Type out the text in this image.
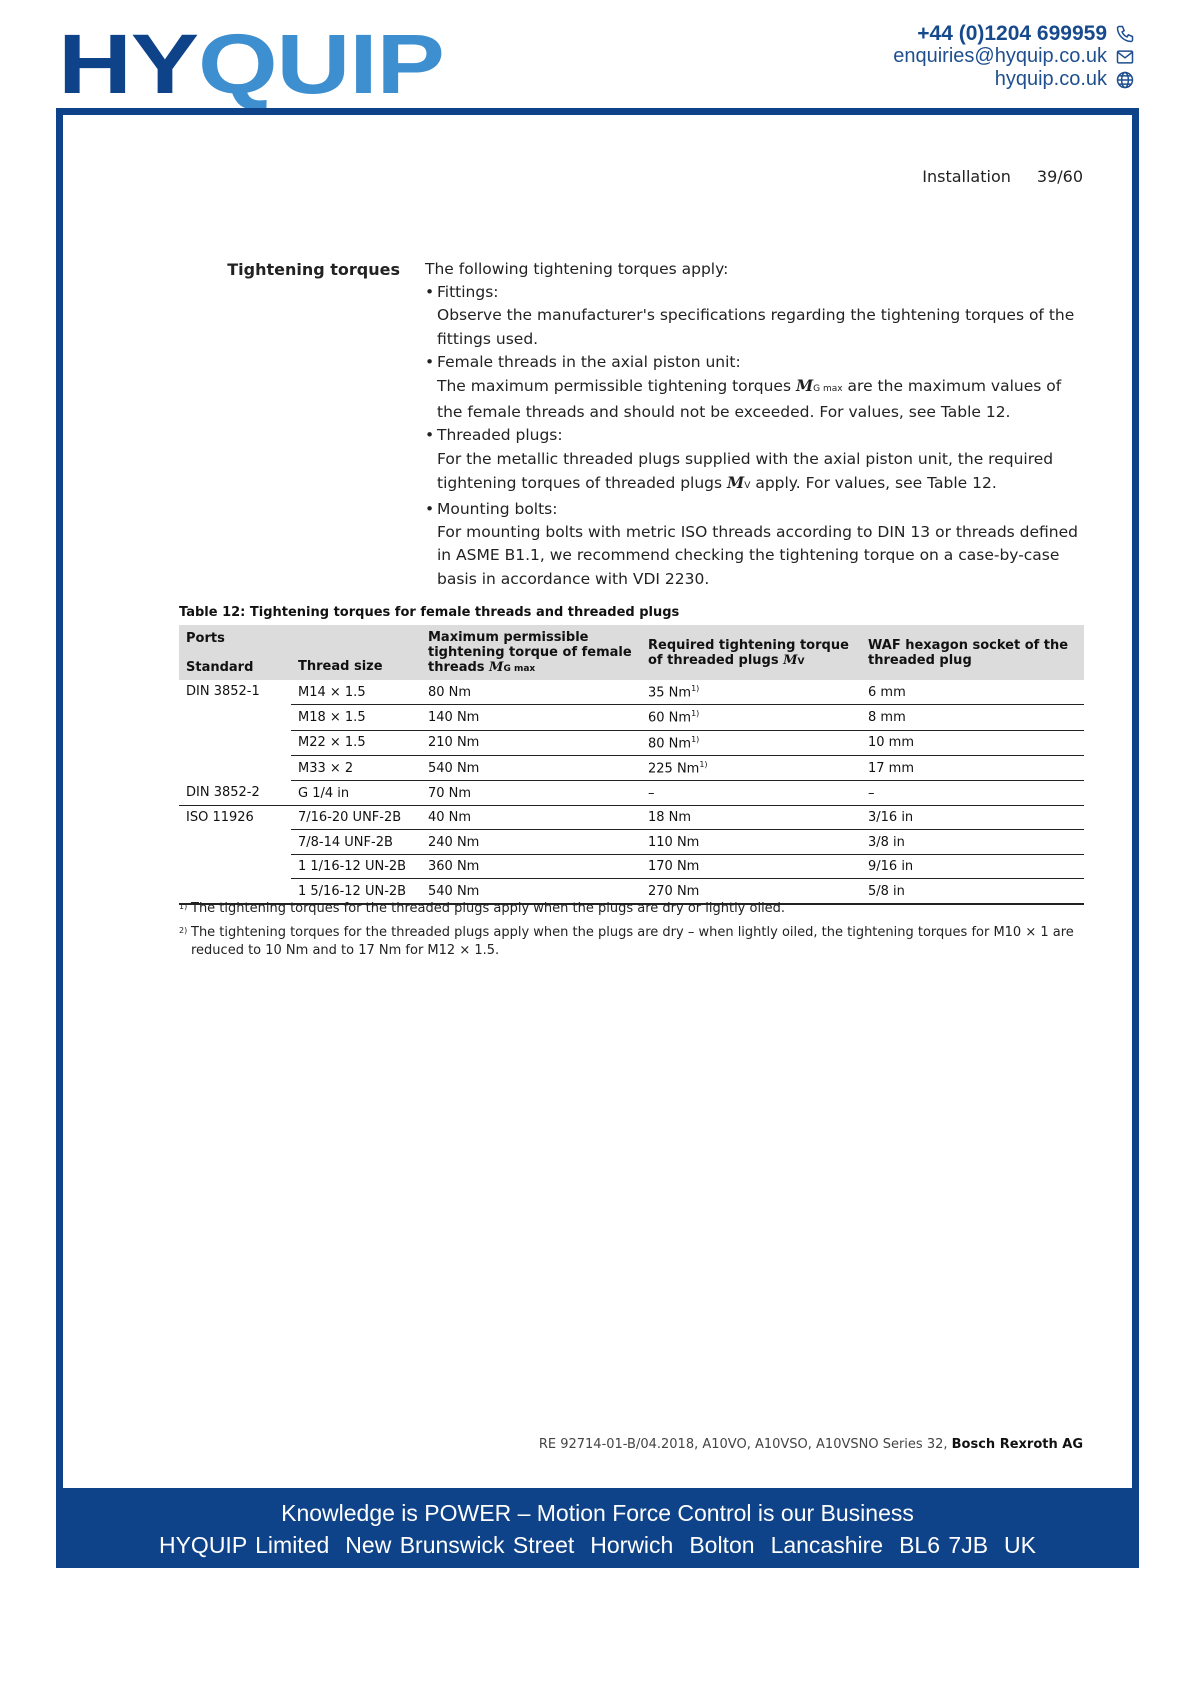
HYQUIP	+44 (0)1204 699959
enquiries@hyquip.co.uk
hyquip.co.uk
Installation 39/60
Tightening torques The following tightening torques apply:

• Fittings:

Observe the manufacturer's specifications regarding the tightening torques of the fittings used.

• Female threads in the axial piston unit:

The maximum permissible tightening torques MG max are the maximum values of the female threads and should not be exceeded. For values, see Table 12.

• Threaded plugs:

For the metallic threaded plugs supplied with the axial piston unit, the required tightening torques of threaded plugs MV apply. For values, see Table 12.

• Mounting bolts:

For mounting bolts with metric ISO threads according to DIN 13 or threads defined in ASME B1.1, we recommend checking the tightening torque on a case-by-case basis in accordance with VDI 2230.

Table 12: Tightening torques for female threads and threaded plugs
Ports
Standard	Thread size	Maximum permissible tightening torque of female threads MG max	Required tightening torque of threaded plugs MV	WAF hexagon socket of the threaded plug
DIN 3852-1	M14 × 1.5	80 Nm	35 Nm$^{1)}$	6 mm
	M18 × 1.5	140 Nm	60 Nm$^{1)}$	8 mm
	M22 × 1.5	210 Nm	80 Nm$^{1)}$	10 mm
	M33 × 2	540 Nm	225 Nm$^{1)}$	17 mm
DIN 3852-2	G 1/4 in	70 Nm	–	–
ISO 11926	7/16-20 UNF-2B	40 Nm	18 Nm	3/16 in
	7/8-14 UNF-2B	240 Nm	110 Nm	3/8 in
	1 1/16-12 UN-2B	360 Nm	170 Nm	9/16 in
	1 5/16-12 UN-2B	540 Nm	270 Nm	5/8 in
1) The tightening torques for the threaded plugs apply when the plugs are dry or lightly oiled.
2) The tightening torques for the threaded plugs apply when the plugs are dry – when lightly oiled, the tightening torques for M10 × 1 are reduced to 10 Nm and to 17 Nm for M12 × 1.5.
RE 92714-01-B/04.2018, A10VO, A10VSO, A10VSNO Series 32, Bosch Rexroth AG
Knowledge is POWER – Motion Force Control is our Business
HYQUIP Limited New Brunswick Street Horwich Bolton Lancashire BL6 7JB UK
